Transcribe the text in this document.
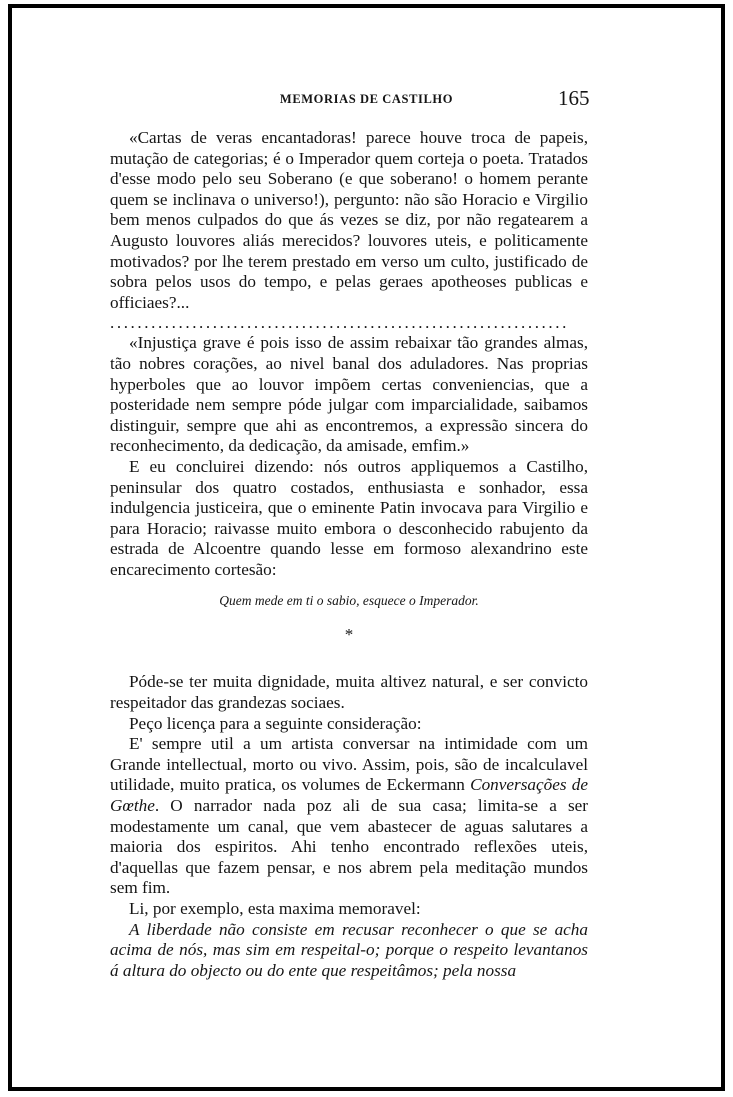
MEMORIAS DE CASTILHO	165

«Cartas de veras encantadoras! parece houve troca de papeis, mutação de categorias; é o Imperador quem corteja o poeta. Tratados d'esse modo pelo seu Soberano (e que soberano! o homem perante quem se inclinava o universo!), pergunto: não são Horacio e Virgilio bem menos culpados do que ás vezes se diz, por não regatearem a Augusto louvores aliás merecidos? louvores uteis, e politicamente motivados? por lhe terem prestado em verso um culto, justificado de sobra pelos usos do tempo, e pelas geraes apotheoses publicas e officiaes?...

...................................................................

«Injustiça grave é pois isso de assim rebaixar tão grandes almas, tão nobres corações, ao nivel banal dos aduladores. Nas proprias hyperboles que ao louvor impõem certas conveniencias, que a posteridade nem sempre póde julgar com imparcialidade, saibamos distinguir, sempre que ahi as encontremos, a expressão sincera do reconhecimento, da dedicação, da amisade, emfim.»

E eu concluirei dizendo: nós outros appliquemos a Castilho, peninsular dos quatro costados, enthusiasta e sonhador, essa indulgencia justiceira, que o eminente Patin invocava para Virgilio e para Horacio; raivasse muito embora o desconhecido rabujento da estrada de Alcoentre quando lesse em formoso alexandrino este encarecimento cortesão:

Quem mede em ti o sabio, esquece o Imperador.
*

Póde-se ter muita dignidade, muita altivez natural, e ser convicto respeitador das grandezas sociaes.

Peço licença para a seguinte consideração:

E' sempre util a um artista conversar na intimidade com um Grande intellectual, morto ou vivo. Assim, pois, são de incalculavel utilidade, muito pratica, os volumes de Eckermann Conversações de Gœthe. O narrador nada poz ali de sua casa; limita-se a ser modestamente um canal, que vem abastecer de aguas salutares a maioria dos espiritos. Ahi tenho encontrado reflexões uteis, d'aquellas que fazem pensar, e nos abrem pela meditação mundos sem fim.

Li, por exemplo, esta maxima memoravel:

A liberdade não consiste em recusar reconhecer o que se acha acima de nós, mas sim em respeital-o; porque o respeito levantanos á altura do objecto ou do ente que respeitâmos; pela nossa
